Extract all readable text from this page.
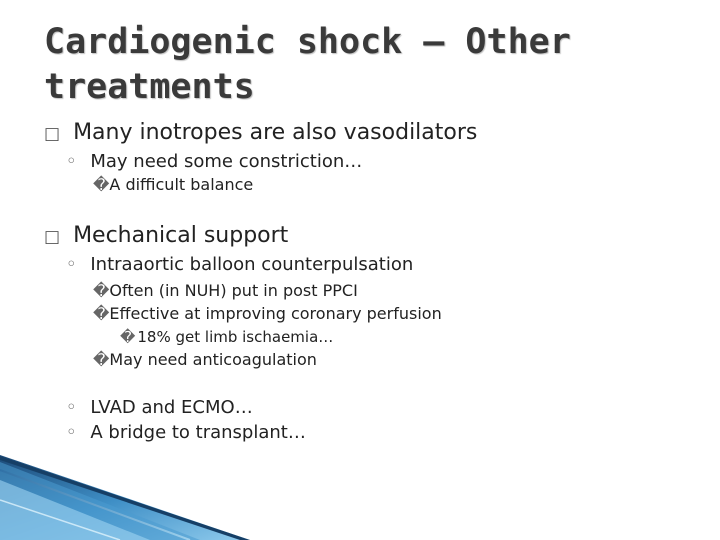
Cardiogenic shock – Other
treatments
□ Many inotropes are also vasodilators
◦ May need some constriction…
�A difficult balance
□ Mechanical support
◦ Intraaortic balloon counterpulsation
�Often (in NUH) put in post PPCI
�Effective at improving coronary perfusion
� 18% get limb ischaemia…
�May need anticoagulation
◦ LVAD and ECMO…
◦ A bridge to transplant…
